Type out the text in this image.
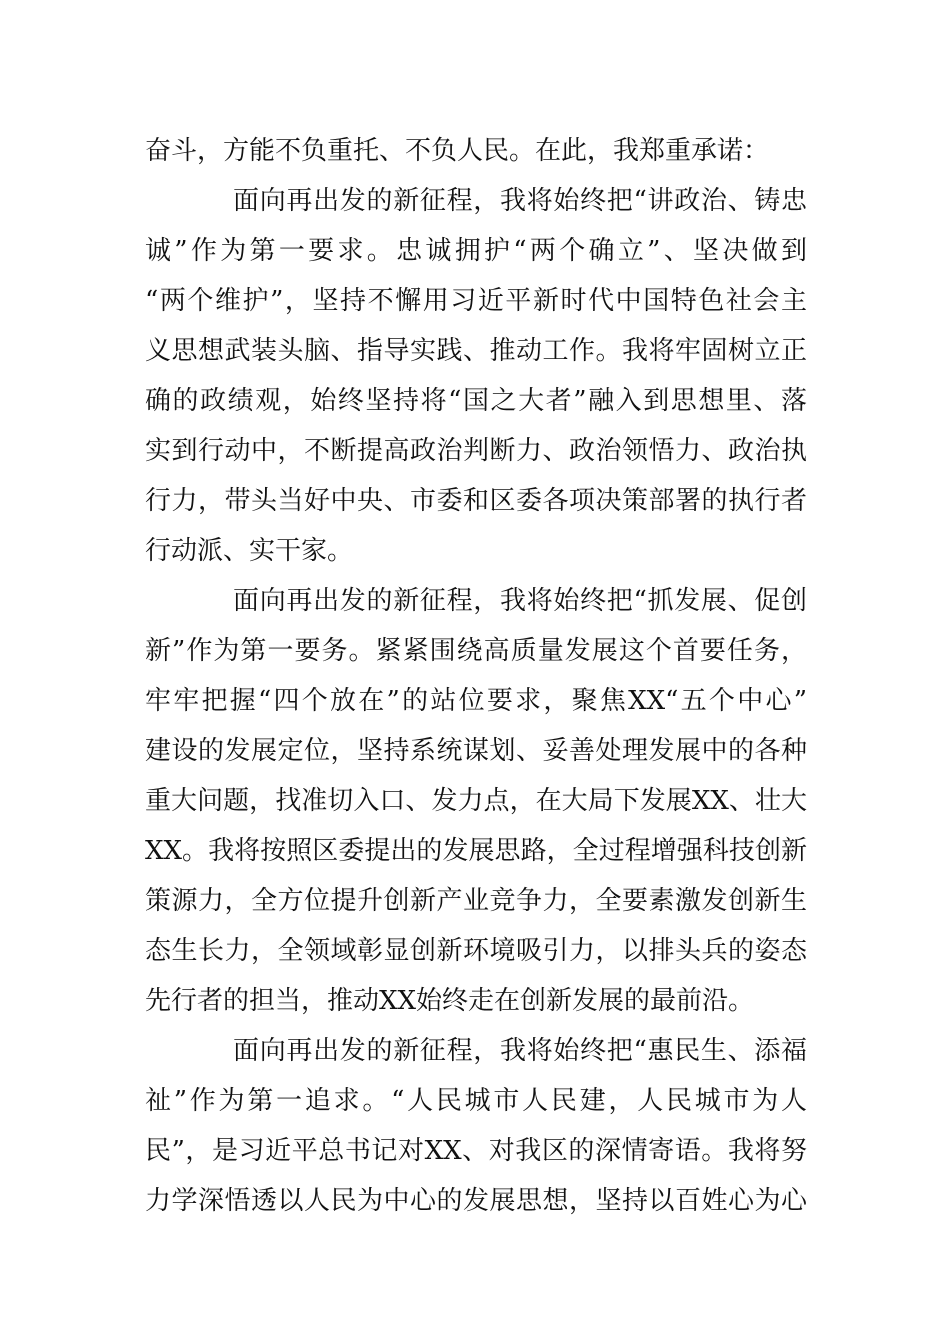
奋斗，方能不负重托、不负人民。在此，我郑重承诺：
面向再出发的新征程，我将始终把“讲政治、铸忠
诚”作为第一要求。忠诚拥护“两个确立”、坚决做到
“两个维护”，坚持不懈用习近平新时代中国特色社会主
义思想武装头脑、指导实践、推动工作。我将牢固树立正
确的政绩观，始终坚持将“国之大者”融入到思想里、落
实到行动中，不断提高政治判断力、政治领悟力、政治执
行力，带头当好中央、市委和区委各项决策部署的执行者
行动派、实干家。
面向再出发的新征程，我将始终把“抓发展、促创
新”作为第一要务。紧紧围绕高质量发展这个首要任务，
牢牢把握“四个放在”的站位要求，聚焦XX“五个中心”
建设的发展定位，坚持系统谋划、妥善处理发展中的各种
重大问题，找准切入口、发力点，在大局下发展XX、壮大
XX。我将按照区委提出的发展思路，全过程增强科技创新
策源力，全方位提升创新产业竞争力，全要素激发创新生
态生长力，全领域彰显创新环境吸引力，以排头兵的姿态
先行者的担当，推动XX始终走在创新发展的最前沿。
面向再出发的新征程，我将始终把“惠民生、添福
祉”作为第一追求。“人民城市人民建，人民城市为人
民”，是习近平总书记对XX、对我区的深情寄语。我将努
力学深悟透以人民为中心的发展思想，坚持以百姓心为心
